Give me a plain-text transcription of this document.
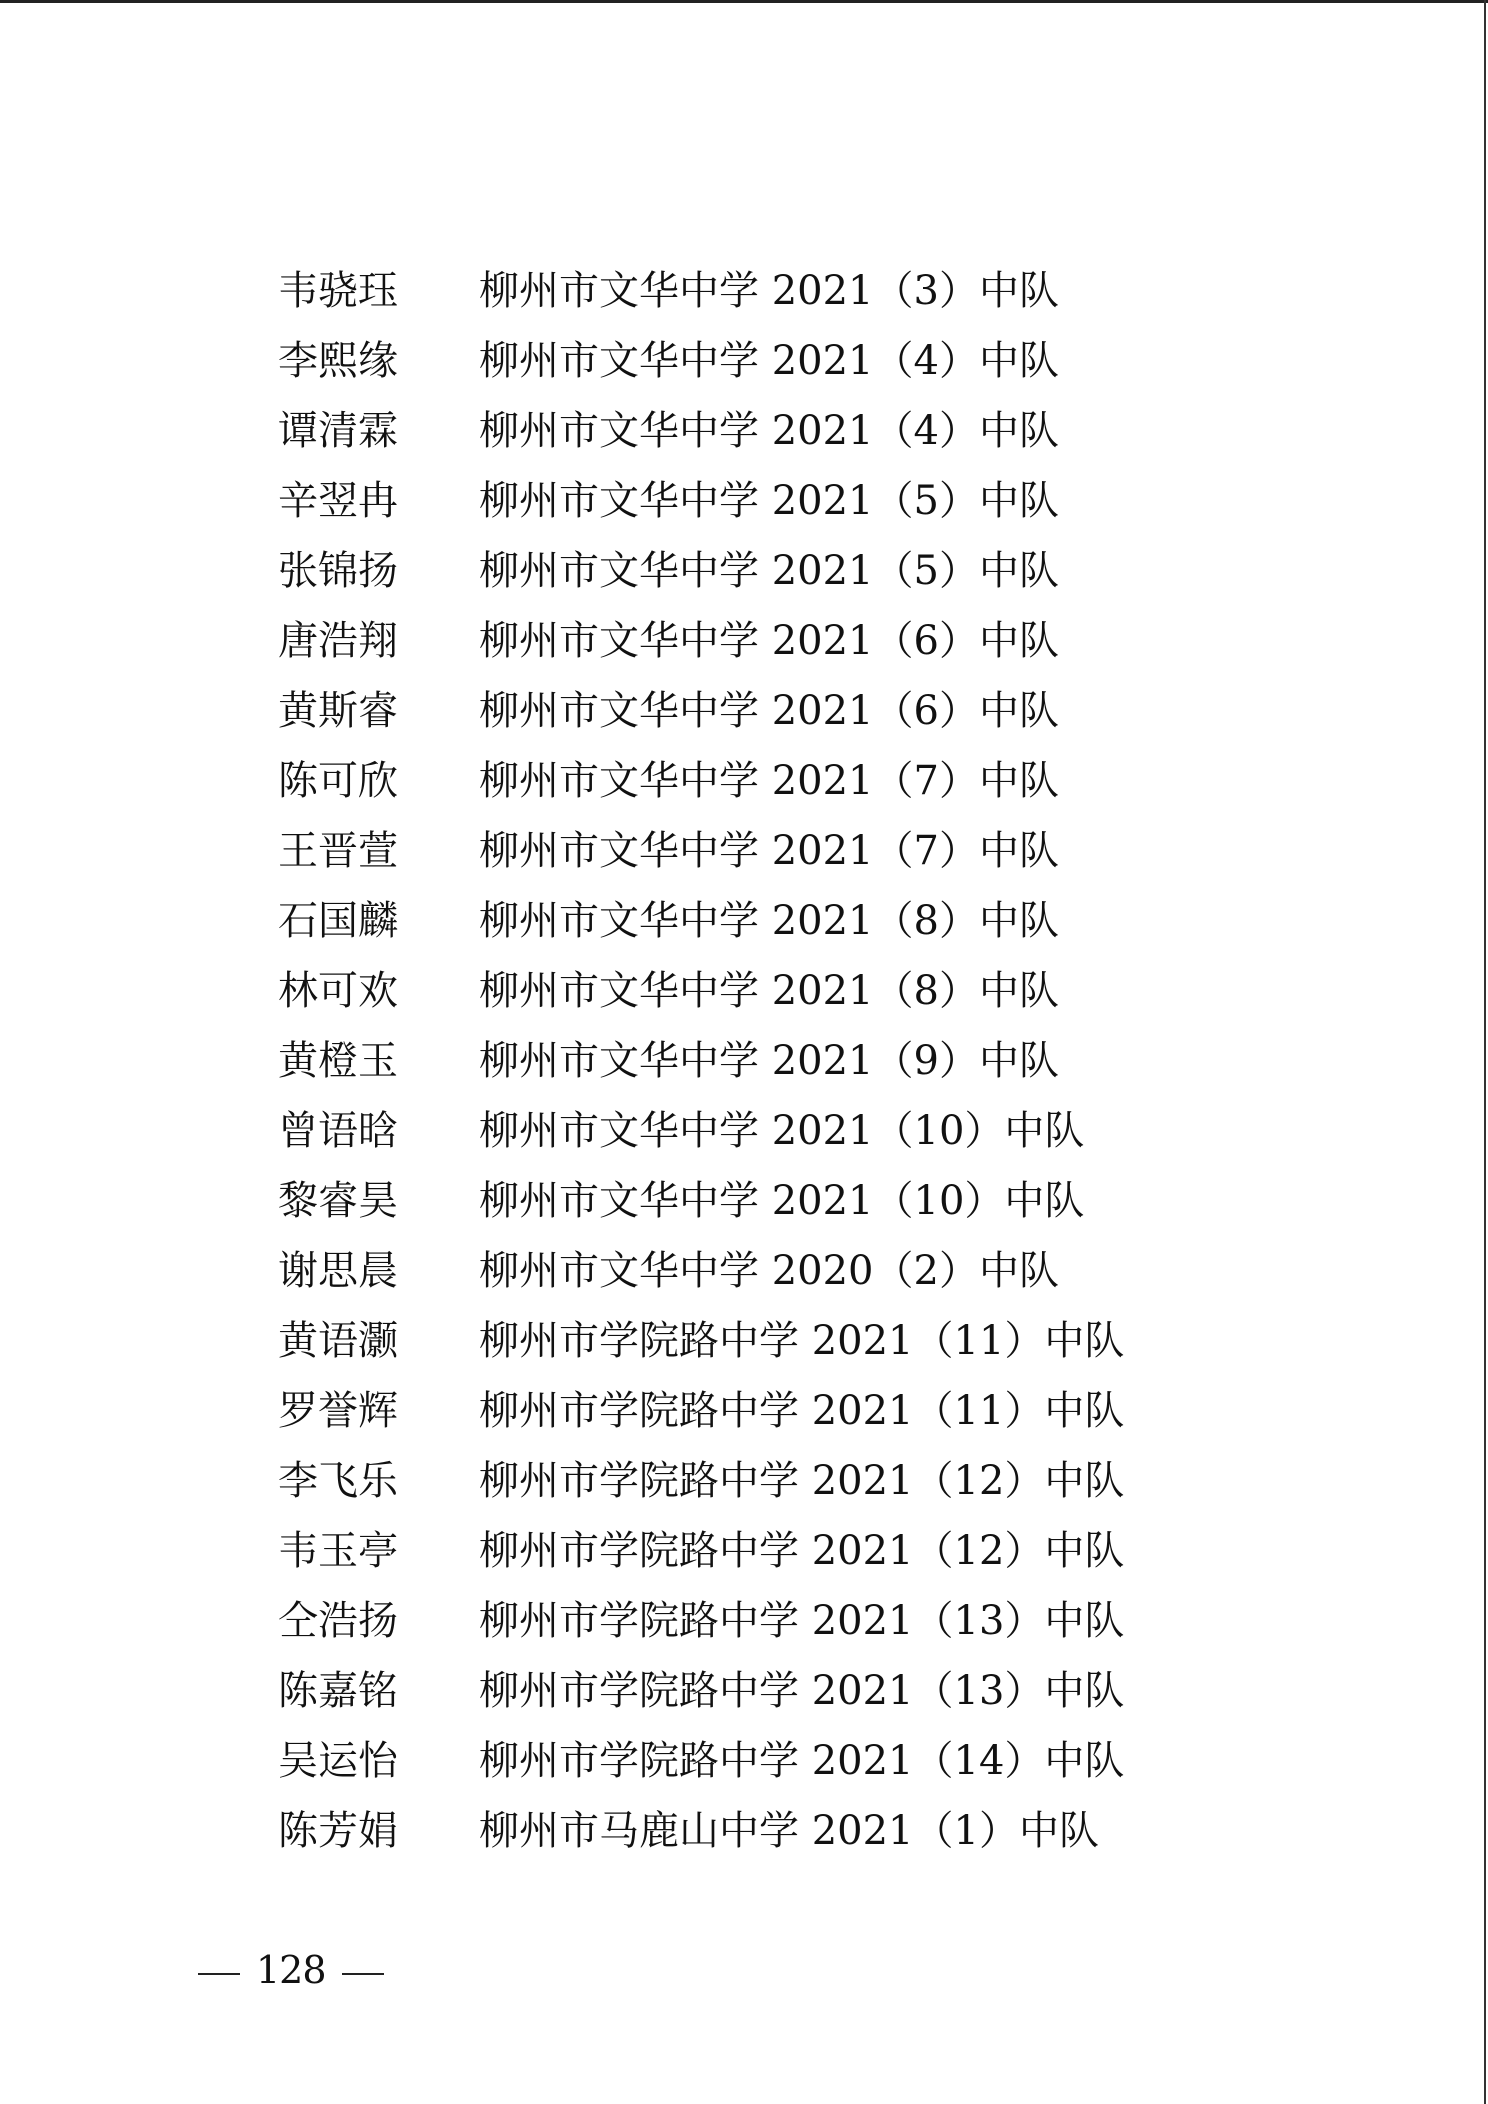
韦骁珏 柳州市文华中学 2021（3）中队
李熙缘 柳州市文华中学 2021（4）中队
谭清霖 柳州市文华中学 2021（4）中队
辛翌冉 柳州市文华中学 2021（5）中队
张锦扬 柳州市文华中学 2021（5）中队
唐浩翔 柳州市文华中学 2021（6）中队
黄斯睿 柳州市文华中学 2021（6）中队
陈可欣 柳州市文华中学 2021（7）中队
王晋萱 柳州市文华中学 2021（7）中队
石国麟 柳州市文华中学 2021（8）中队
林可欢 柳州市文华中学 2021（8）中队
黄橙玉 柳州市文华中学 2021（9）中队
曾语晗 柳州市文华中学 2021（10）中队
黎睿昊 柳州市文华中学 2021（10）中队
谢思晨 柳州市文华中学 2020（2）中队
黄语灏 柳州市学院路中学 2021（11）中队
罗誉辉 柳州市学院路中学 2021（11）中队
李飞乐 柳州市学院路中学 2021（12）中队
韦玉亭 柳州市学院路中学 2021（12）中队
仝浩扬 柳州市学院路中学 2021（13）中队
陈嘉铭 柳州市学院路中学 2021（13）中队
吴运怡 柳州市学院路中学 2021（14）中队
陈芳娟 柳州市马鹿山中学 2021（1）中队
128
